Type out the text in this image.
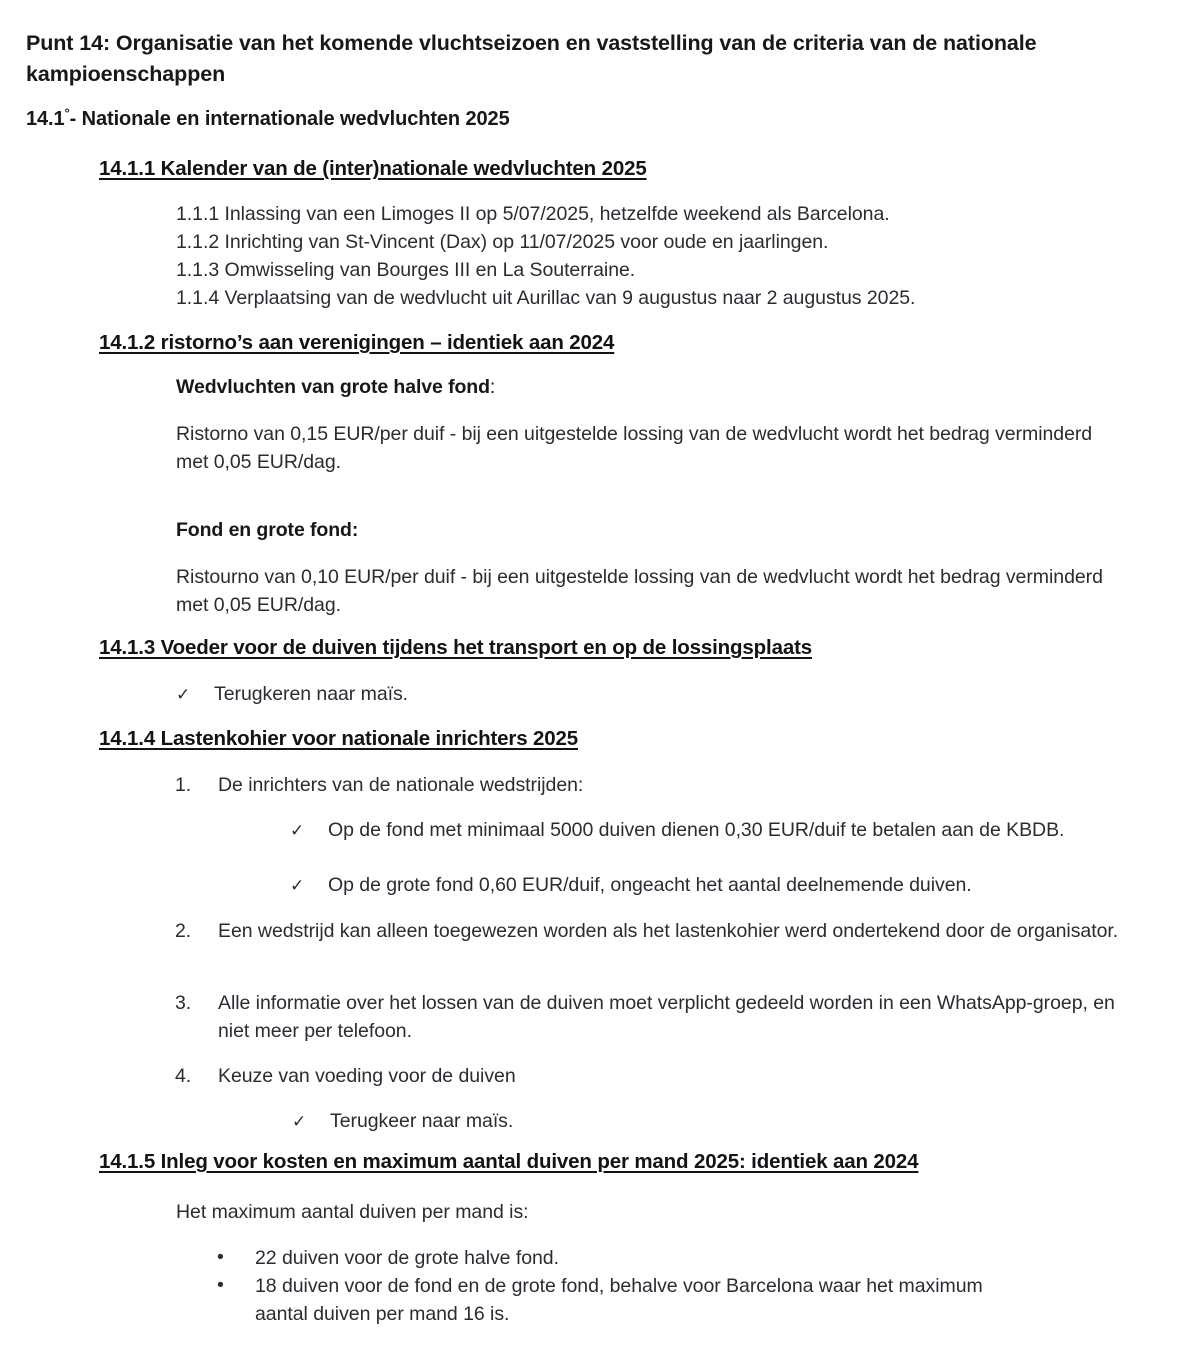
Punt 14: Organisatie van het komende vluchtseizoen en vaststelling van de criteria van de nationale kampioenschappen
14.1°- Nationale en internationale wedvluchten 2025
14.1.1 Kalender van de (inter)nationale wedvluchten 2025
1.1.1 Inlassing van een Limoges II op 5/07/2025, hetzelfde weekend als Barcelona.
1.1.2 Inrichting van St-Vincent (Dax) op 11/07/2025 voor oude en jaarlingen.
1.1.3 Omwisseling van Bourges III en La Souterraine.
1.1.4 Verplaatsing van de wedvlucht uit Aurillac van 9 augustus naar 2 augustus 2025.
14.1.2 ristorno’s aan verenigingen – identiek aan 2024
Wedvluchten van grote halve fond:
Ristorno van 0,15 EUR/per duif - bij een uitgestelde lossing van de wedvlucht wordt het bedrag verminderd met 0,05 EUR/dag.
Fond en grote fond:
Ristourno van 0,10 EUR/per duif - bij een uitgestelde lossing van de wedvlucht wordt het bedrag verminderd met 0,05 EUR/dag.
14.1.3 Voeder voor de duiven tijdens het transport en op de lossingsplaats
✓	Terugkeren naar maïs.
14.1.4 Lastenkohier voor nationale inrichters 2025
1.	De inrichters van de nationale wedstrijden:
✓	Op de fond met minimaal 5000 duiven dienen 0,30 EUR/duif te betalen aan de KBDB.
✓	Op de grote fond 0,60 EUR/duif, ongeacht het aantal deelnemende duiven.
2.	Een wedstrijd kan alleen toegewezen worden als het lastenkohier werd ondertekend door de organisator.
3.	Alle informatie over het lossen van de duiven moet verplicht gedeeld worden in een WhatsApp-groep, en niet meer per telefoon.
4.	Keuze van voeding voor de duiven
✓	Terugkeer naar maïs.
14.1.5 Inleg voor kosten en maximum aantal duiven per mand 2025: identiek aan 2024
Het maximum aantal duiven per mand is:
•	22 duiven voor de grote halve fond.
•	18 duiven voor de fond en de grote fond, behalve voor Barcelona waar het maximum aantal duiven per mand 16 is.
